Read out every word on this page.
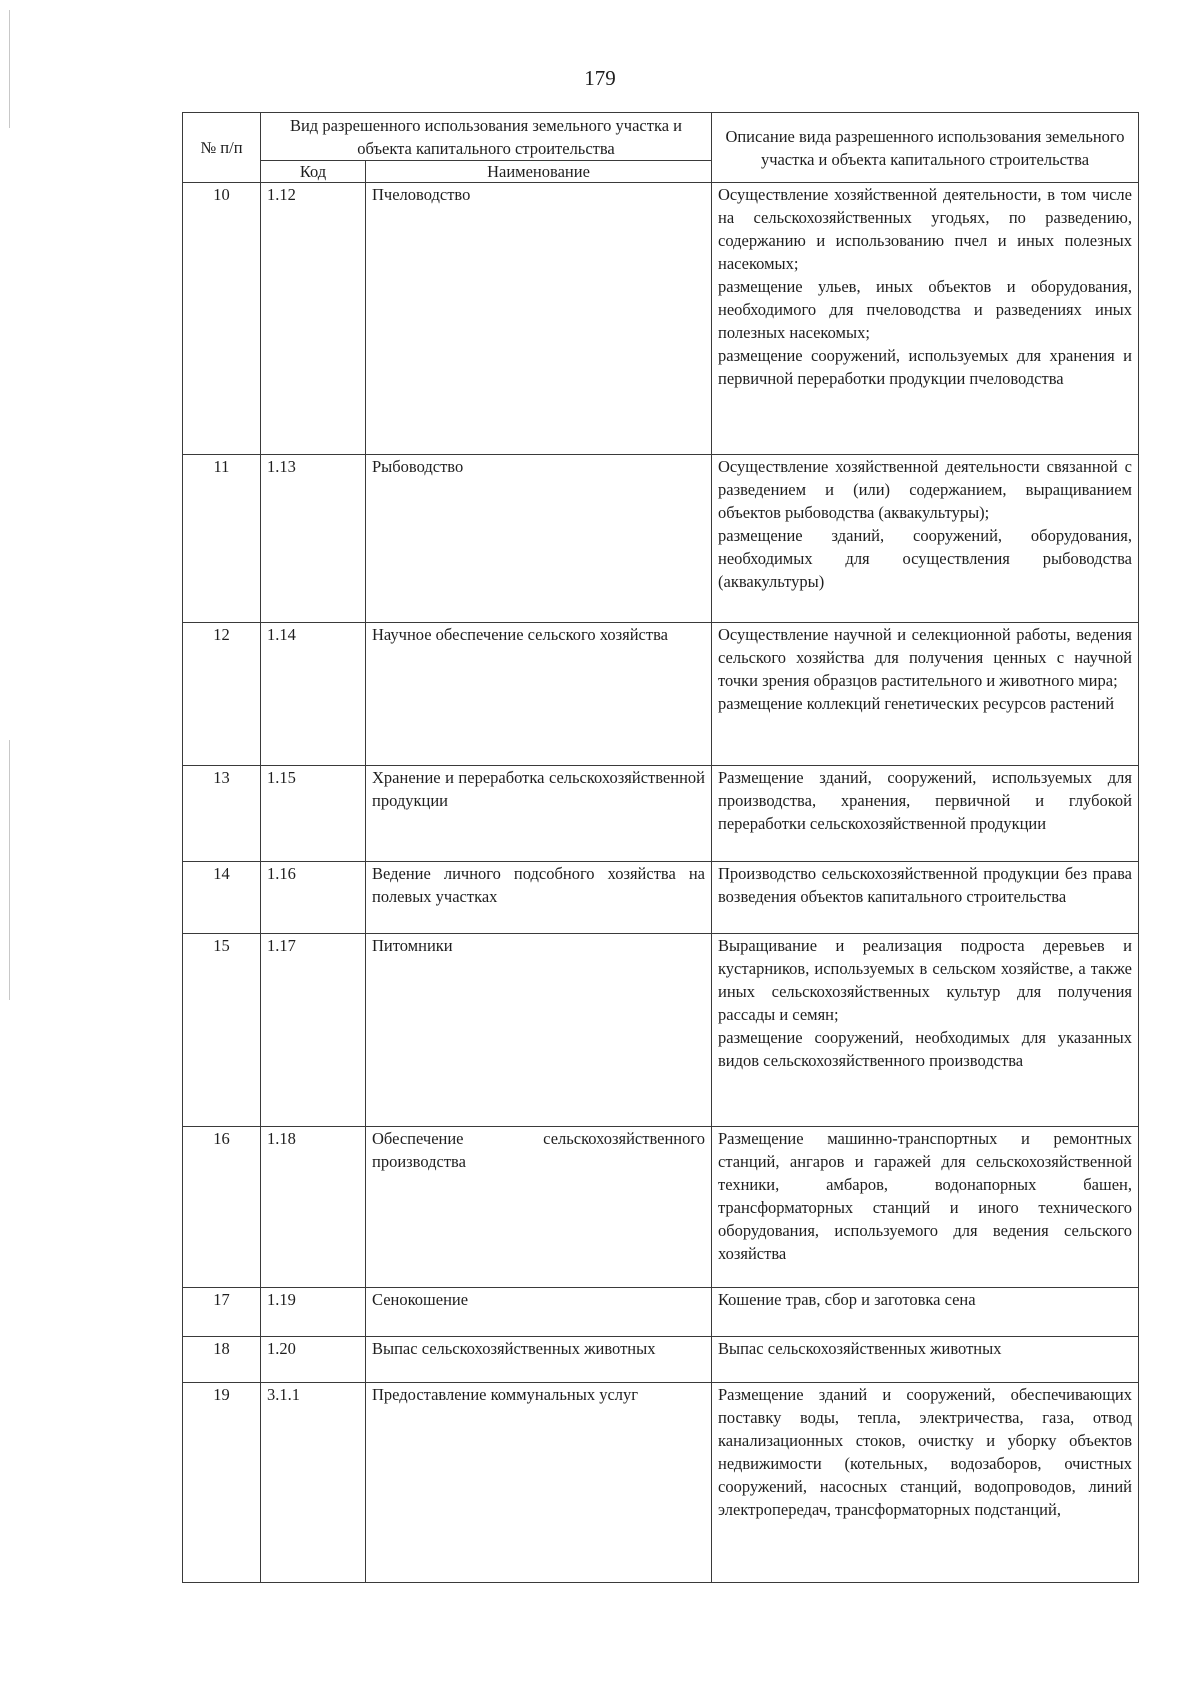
179
№ п/п	Вид разрешенного использования земельного участка и объекта капитального строительства		Описание вида разрешенного использования земельного участка и объекта капитального строительства
	Код	Наименование	
10	1.12	Пчеловодство	Осуществление хозяйственной деятельности, в том числе на сельскохозяйственных угодьях, по разведению, содержанию и использованию пчел и иных полезных насекомых;
размещение ульев, иных объектов и оборудования, необходимого для пчеловодства и разведениях иных полезных насекомых;
размещение сооружений, используемых для хранения и первичной переработки продукции пчеловодства

11	1.13	Рыбоводство	Осуществление хозяйственной деятельности связанной с разведением и (или) содержанием, выращиванием объектов рыбоводства (аквакультуры);
размещение зданий, сооружений, оборудования, необходимых для осуществления рыбоводства (аквакультуры)

12	1.14	Научное обеспечение сельского хозяйства	Осуществление научной и селекционной работы, ведения сельского хозяйства для получения ценных с научной точки зрения образцов растительного и животного мира;
размещение коллекций генетических ресурсов растений

13	1.15	Хранение и переработка сельскохозяйственной продукции	Размещение зданий, сооружений, используемых для производства, хранения, первичной и глубокой переработки сельскохозяйственной продукции

14	1.16	Ведение личного подсобного хозяйства на полевых участках	Производство сельскохозяйственной продукции без права возведения объектов капитального строительства

15	1.17	Питомники	Выращивание и реализация подроста деревьев и кустарников, используемых в сельском хозяйстве, а также иных сельскохозяйственных культур для получения рассады и семян;
размещение сооружений, необходимых для указанных видов сельскохозяйственного производства

16	1.18	Обеспечение сельскохозяйственного производства	Размещение машинно-транспортных и ремонтных станций, ангаров и гаражей для сельскохозяйственной техники, амбаров, водонапорных башен, трансформаторных станций и иного технического оборудования, используемого для ведения сельского хозяйства

17	1.19	Сенокошение	Кошение трав, сбор и заготовка сена

18	1.20	Выпас сельскохозяйственных животных	Выпас сельскохозяйственных животных

19	3.1.1	Предоставление коммунальных услуг	Размещение зданий и сооружений, обеспечивающих поставку воды, тепла, электричества, газа, отвод канализационных стоков, очистку и уборку объектов недвижимости (котельных, водозаборов, очистных сооружений, насосных станций, водопроводов, линий электропередач, трансформаторных подстанций,
